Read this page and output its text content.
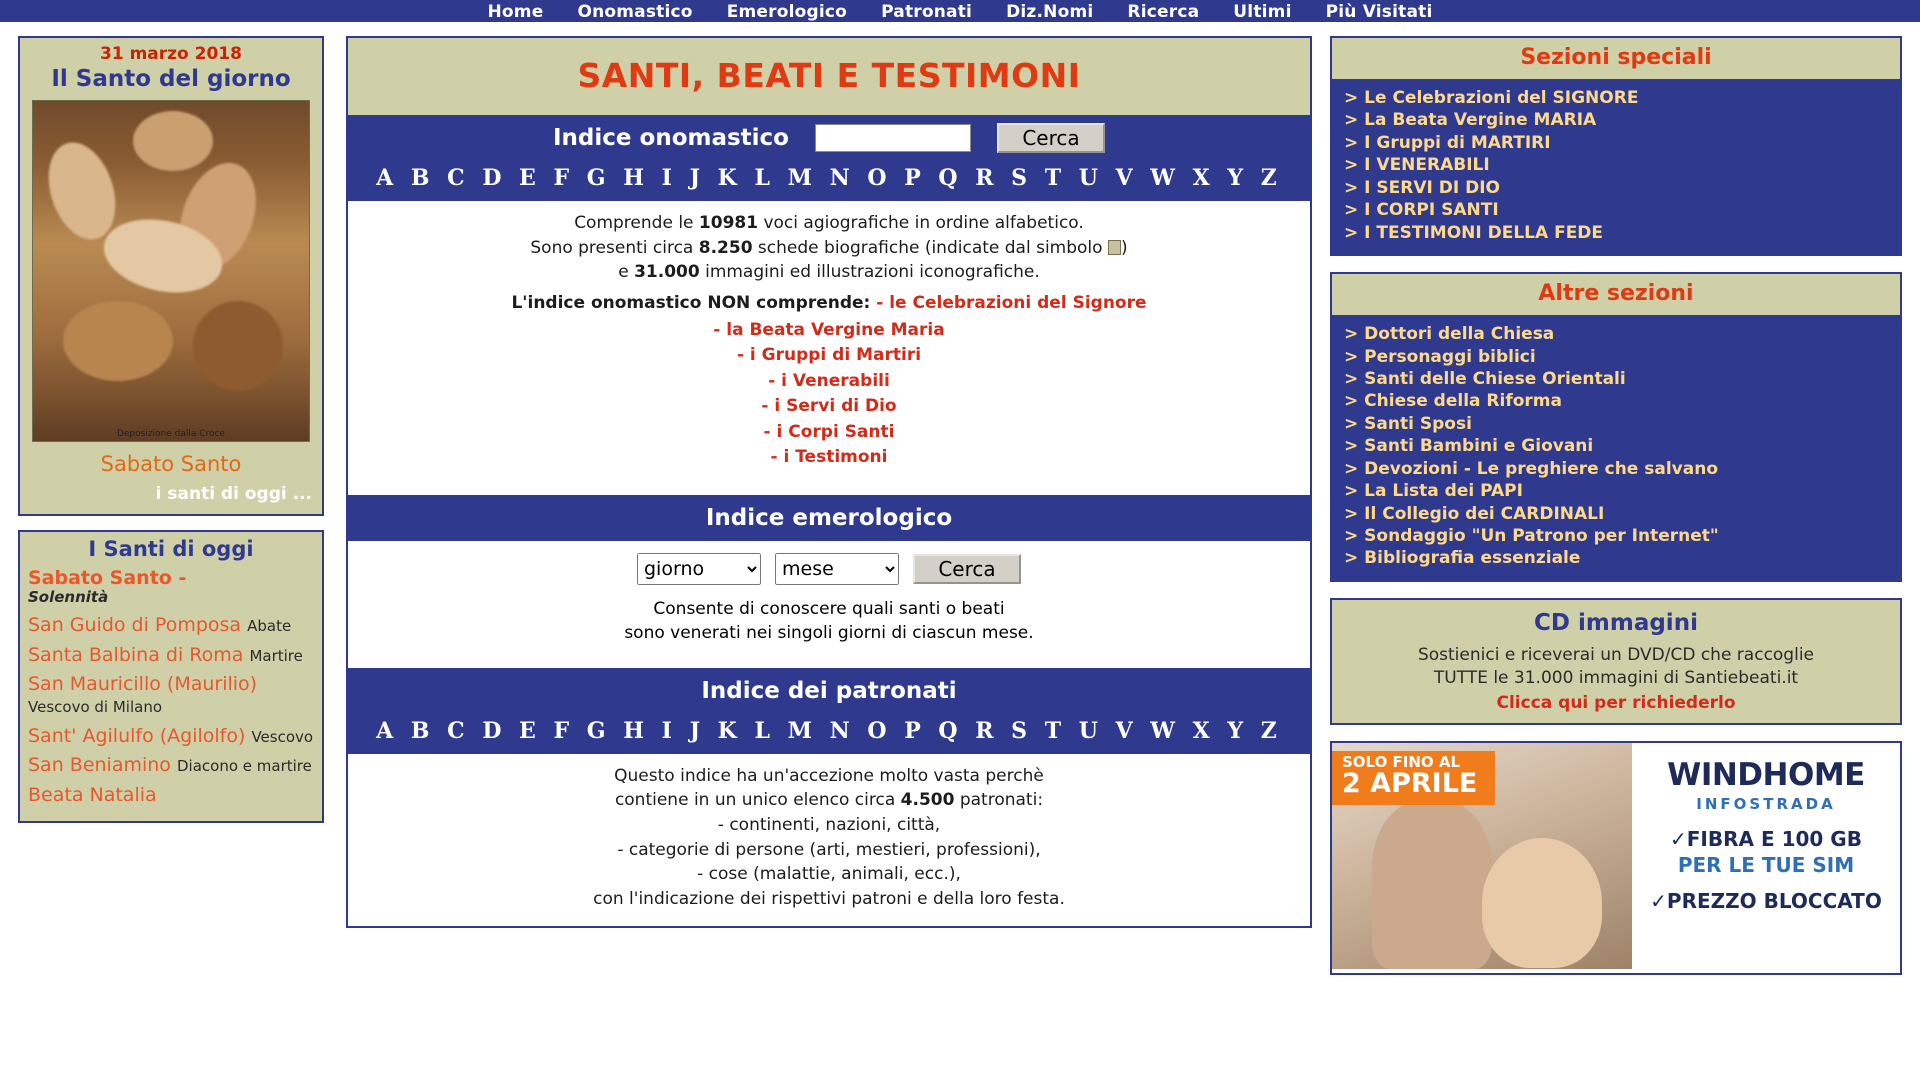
Home Onomastico Emerologico Patronati Diz.Nomi Ricerca Ultimi Più Visitati
31 marzo 2018
Il Santo del giorno
Deposizione dalla Croce
Sabato Santo
i santi di oggi ...
I Santi di oggi
Sabato Santo -
Solennità
San Guido di Pomposa Abate
Santa Balbina di Roma Martire
San Mauricillo (Maurilio) Vescovo di Milano
Sant' Agilulfo (Agilolfo) Vescovo
San Beniamino Diacono e martire
Beata Natalia
SANTI, BEATI E TESTIMONI
Indice onomastico	Cerca
A B C D E F G H I J K L M N O P Q R S T U V W X Y Z
Comprende le 10981 voci agiografiche in ordine alfabetico.
Sono presenti circa 8.250 schede biografiche (indicate dal simbolo )
e 31.000 immagini ed illustrazioni iconografiche.
L'indice onomastico NON comprende: - le Celebrazioni del Signore
- la Beata Vergine Maria
- i Gruppi di Martiri
- i Venerabili
- i Servi di Dio
- i Corpi Santi
- i Testimoni
Indice emerologico
giorno
mese
Cerca
Consente di conoscere quali santi o beati
sono venerati nei singoli giorni di ciascun mese.
Indice dei patronati
A B C D E F G H I J K L M N O P Q R S T U V W X Y Z
Questo indice ha un'accezione molto vasta perchè
contiene in un unico elenco circa 4.500 patronati:
- continenti, nazioni, città,
- categorie di persone (arti, mestieri, professioni),
- cose (malattie, animali, ecc.),
con l'indicazione dei rispettivi patroni e della loro festa.
Sezioni speciali
> Le Celebrazioni del SIGNORE
> La Beata Vergine MARIA
> I Gruppi di MARTIRI
> I VENERABILI
> I SERVI DI DIO
> I CORPI SANTI
> I TESTIMONI DELLA FEDE
Altre sezioni
> Dottori della Chiesa
> Personaggi biblici
> Santi delle Chiese Orientali
> Chiese della Riforma
> Santi Sposi
> Santi Bambini e Giovani
> Devozioni - Le preghiere che salvano
> La Lista dei PAPI
> Il Collegio dei CARDINALI
> Sondaggio "Un Patrono per Internet"
> Bibliografia essenziale
CD immagini
Sostienici e riceverai un DVD/CD che raccoglie
TUTTE le 31.000 immagini di Santiebeati.it
Clicca qui per richiederlo
SOLO FINO AL
2 APRILE	WINDHOME
INFOSTRADA
✓FIBRA E 100 GB
PER LE TUE SIM
✓PREZZO BLOCCATO
